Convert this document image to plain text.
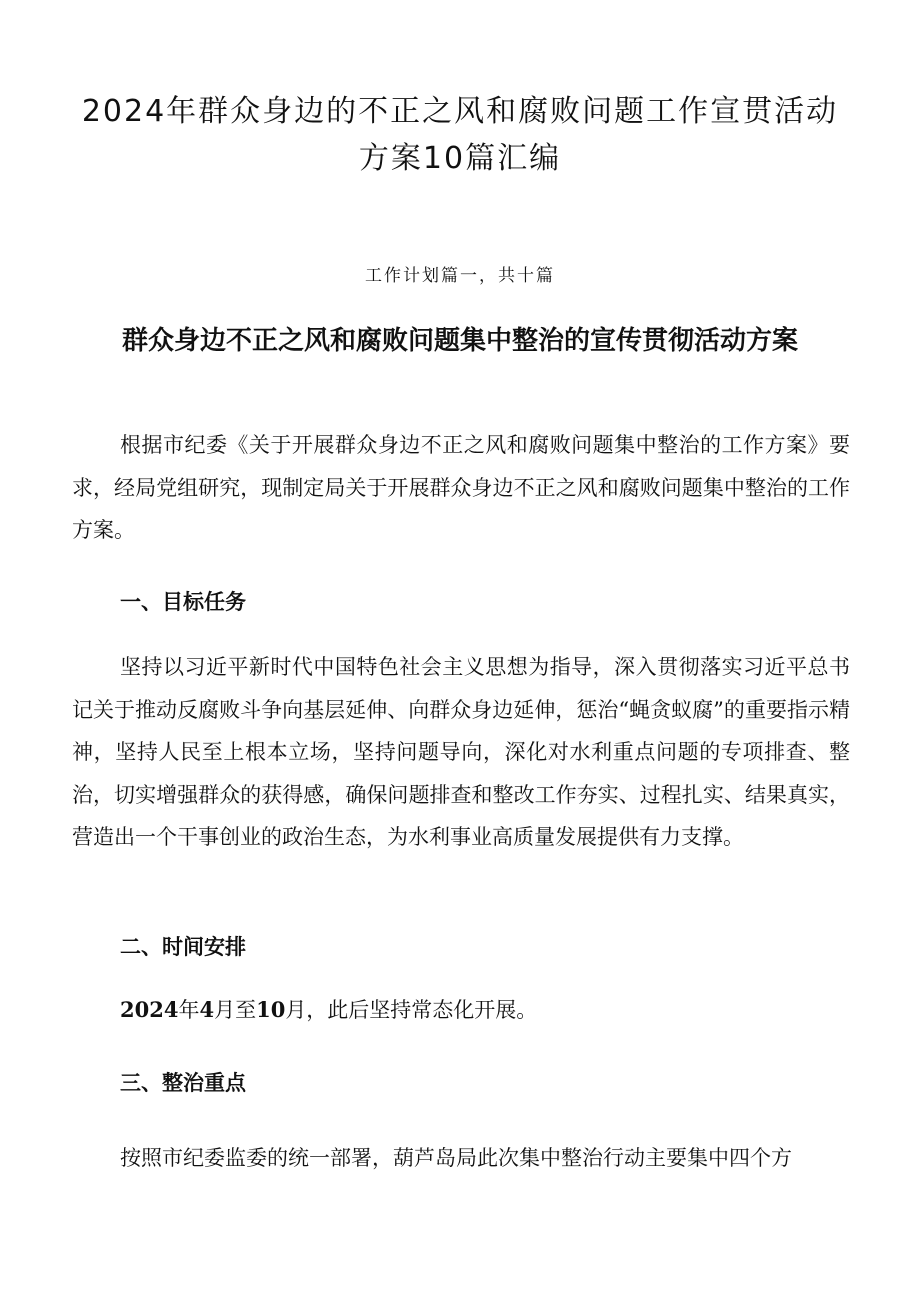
2024年群众身边的不正之风和腐败问题工作宣贯活动方案10篇汇编

工作计划篇一，共十篇

群众身边不正之风和腐败问题集中整治的宣传贯彻活动方案

根据市纪委《关于开展群众身边不正之风和腐败问题集中整治的工作方案》要求，经局党组研究，现制定局关于开展群众身边不正之风和腐败问题集中整治的工作方案。

一、目标任务

坚持以习近平新时代中国特色社会主义思想为指导，深入贯彻落实习近平总书记关于推动反腐败斗争向基层延伸、向群众身边延伸，惩治“蝇贪蚁腐”的重要指示精神，坚持人民至上根本立场，坚持问题导向，深化对水利重点问题的专项排查、整治，切实增强群众的获得感，确保问题排查和整改工作夯实、过程扎实、结果真实，营造出一个干事创业的政治生态，为水利事业高质量发展提供有力支撑。

二、时间安排

2024年4月至10月，此后坚持常态化开展。

三、整治重点

按照市纪委监委的统一部署，葫芦岛局此次集中整治行动主要集中四个方
